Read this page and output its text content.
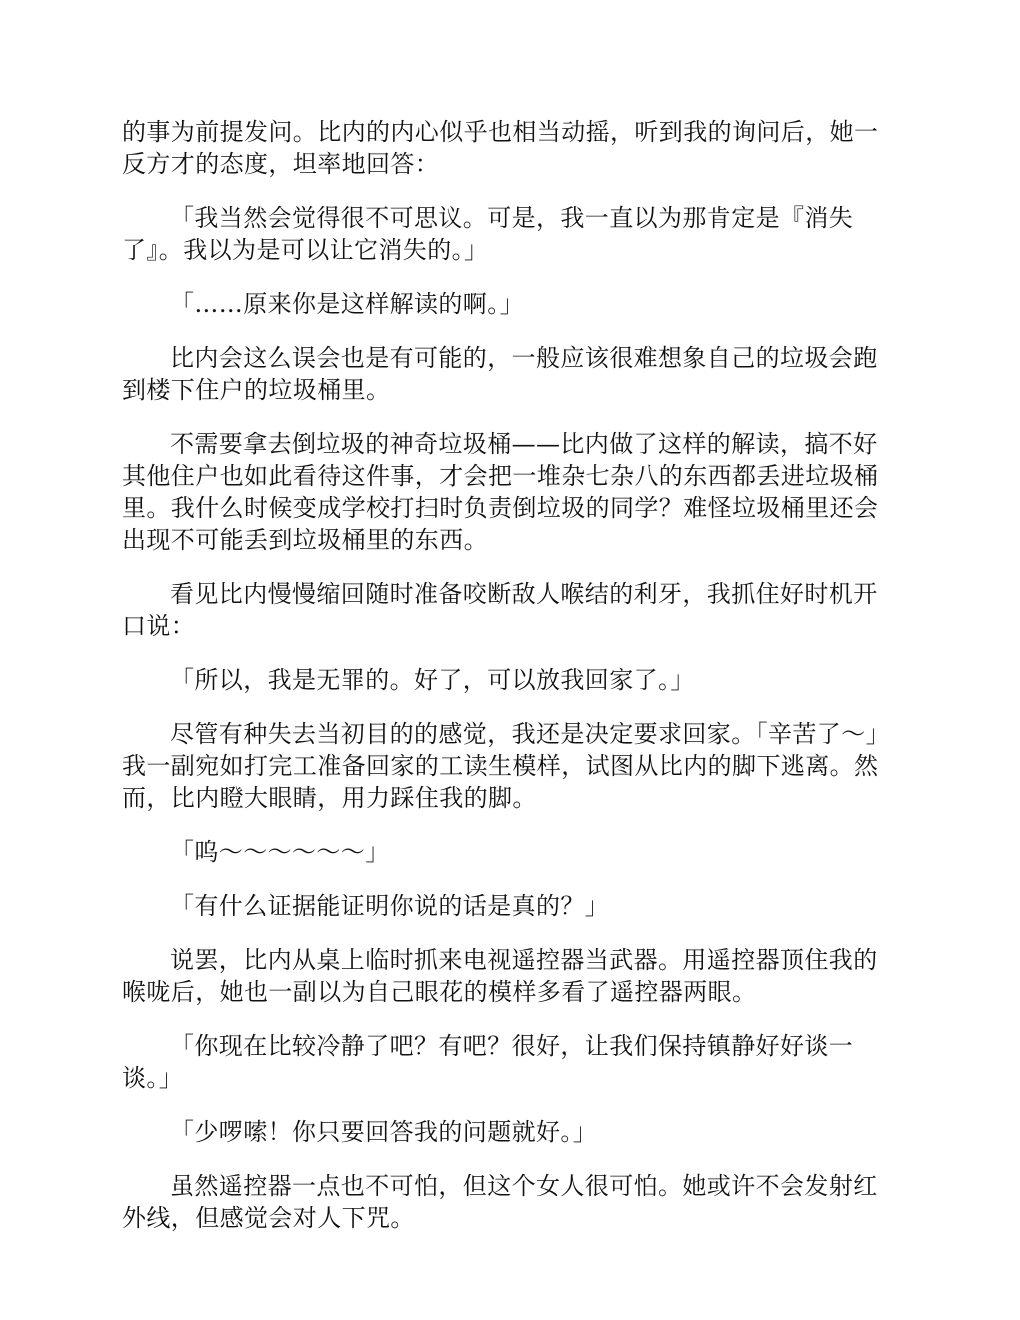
的事为前提发问。比内的内心似乎也相当动摇，听到我的询问后，她一反方才的态度，坦率地回答：

「我当然会觉得很不可思议。可是，我一直以为那肯定是『消失了』。我以为是可以让它消失的。」

「……原来你是这样解读的啊。」

比内会这么误会也是有可能的，一般应该很难想象自己的垃圾会跑到楼下住户的垃圾桶里。

不需要拿去倒垃圾的神奇垃圾桶——比内做了这样的解读，搞不好其他住户也如此看待这件事，才会把一堆杂七杂八的东西都丢进垃圾桶里。我什么时候变成学校打扫时负责倒垃圾的同学？难怪垃圾桶里还会出现不可能丢到垃圾桶里的东西。

看见比内慢慢缩回随时准备咬断敌人喉结的利牙，我抓住好时机开口说：

「所以，我是无罪的。好了，可以放我回家了。」

尽管有种失去当初目的的感觉，我还是决定要求回家。「辛苦了～」我一副宛如打完工准备回家的工读生模样，试图从比内的脚下逃离。然而，比内瞪大眼睛，用力踩住我的脚。

「呜～～～～～～」

「有什么证据能证明你说的话是真的？」

说罢，比内从桌上临时抓来电视遥控器当武器。用遥控器顶住我的喉咙后，她也一副以为自己眼花的模样多看了遥控器两眼。

「你现在比较冷静了吧？有吧？很好，让我们保持镇静好好谈一谈。」

「少啰嗦！你只要回答我的问题就好。」

虽然遥控器一点也不可怕，但这个女人很可怕。她或许不会发射红外线，但感觉会对人下咒。
